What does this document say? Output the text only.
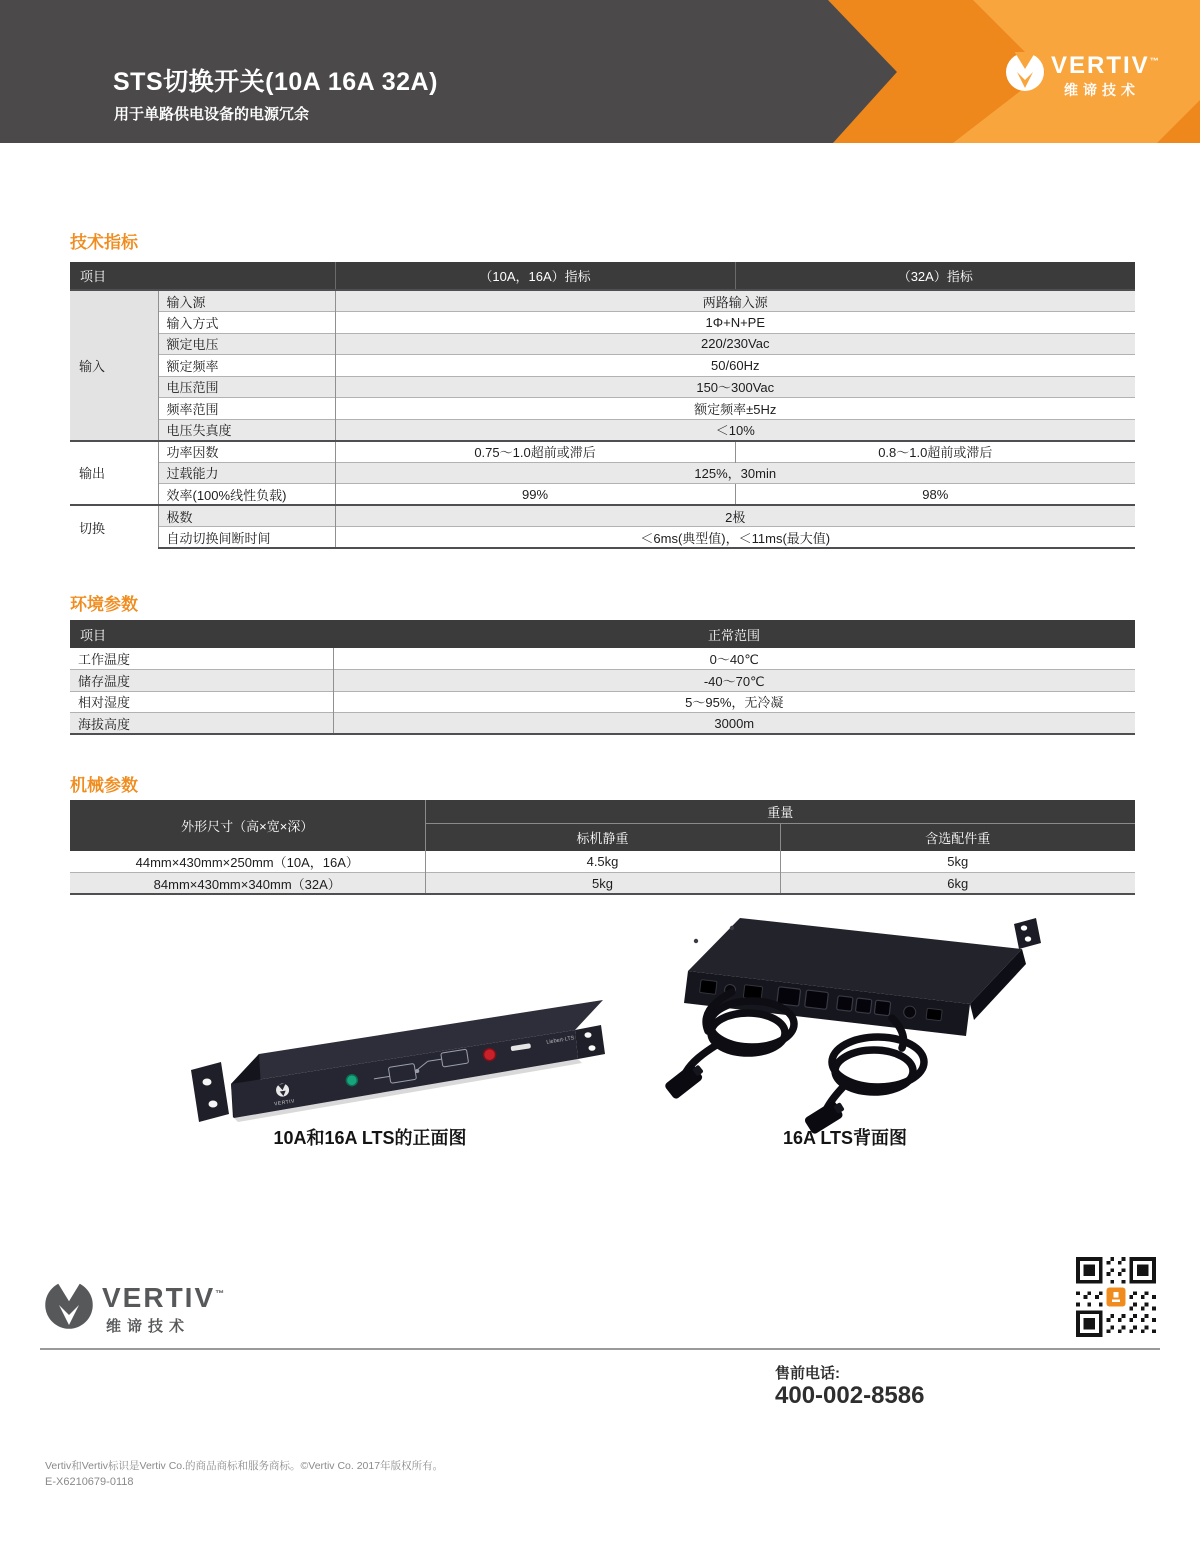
STS切换开关(10A 16A 32A)
用于单路供电设备的电源冗余
VERTIV™
维谛技术
技术指标
项目		（10A，16A）指标	（32A）指标
输入	输入源	两路输入源	
	输入方式	1Φ+N+PE	
	额定电压	220/230Vac	
	额定频率	50/60Hz	
	电压范围	150～300Vac	
	频率范围	额定频率±5Hz	
	电压失真度	＜10%	
输出	功率因数	0.75～1.0超前或滞后	0.8～1.0超前或滞后
	过载能力	125%，30min	
	效率(100%线性负载)	99%	98%
切换	极数	2极	
	自动切换间断时间	＜6ms(典型值)，＜11ms(最大值)	
环境参数
项目	正常范围
工作温度	0～40℃
储存温度	-40～70℃
相对湿度	5～95%，无冷凝
海拔高度	3000m
机械参数
外形尺寸（高×宽×深）	重量	
	标机静重	含选配件重
44mm×430mm×250mm（10A，16A）	4.5kg	5kg
84mm×430mm×340mm（32A）	5kg	6kg
VERTIV
Liebert·LTS
10A和16A LTS的正面图	16A LTS背面图
VERTIV™
维谛技术
售前电话:
400-002-8586
Vertiv和Vertiv标识是Vertiv Co.的商品商标和服务商标。©Vertiv Co. 2017年版权所有。
E-X6210679-0118
